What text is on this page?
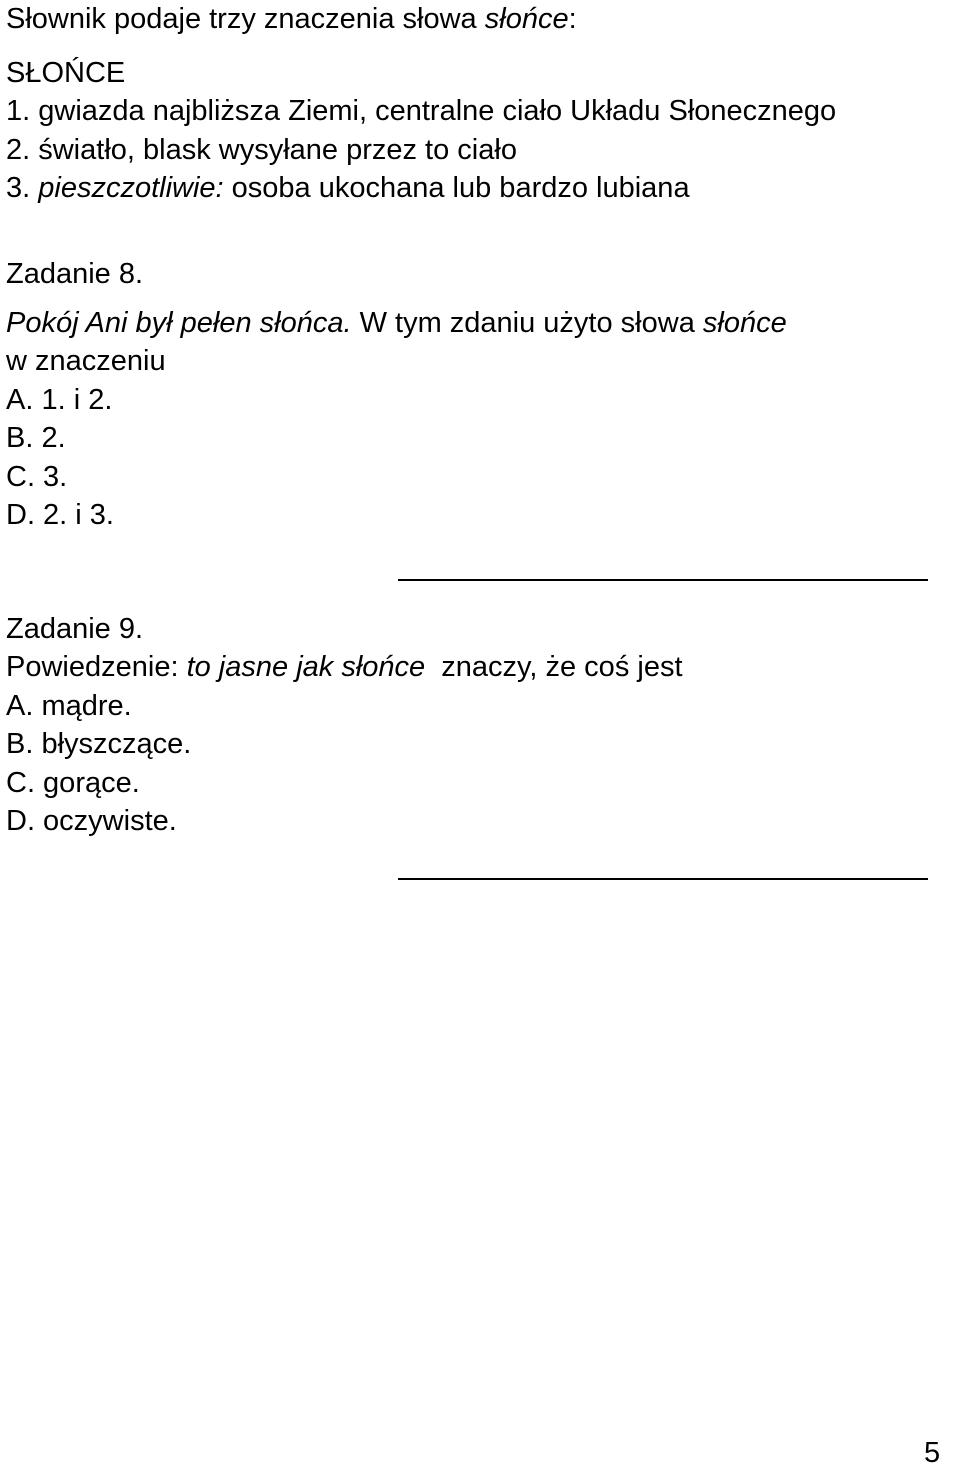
Słownik podaje trzy znaczenia słowa słońce:

SŁOŃCE

1. gwiazda najbliższa Ziemi, centralne ciało Układu Słonecznego

2. światło, blask wysyłane przez to ciało

3. pieszczotliwie: osoba ukochana lub bardzo lubiana

Zadanie 8.

Pokój Ani był pełen słońca. W tym zdaniu użyto słowa słońce

w znaczeniu

A. 1. i 2.

B. 2.

C. 3.

D. 2. i 3.

Zadanie 9.

Powiedzenie: to jasne jak słońce znaczy, że coś jest

A. mądre.

B. błyszczące.

C. gorące.

D. oczywiste.

5
